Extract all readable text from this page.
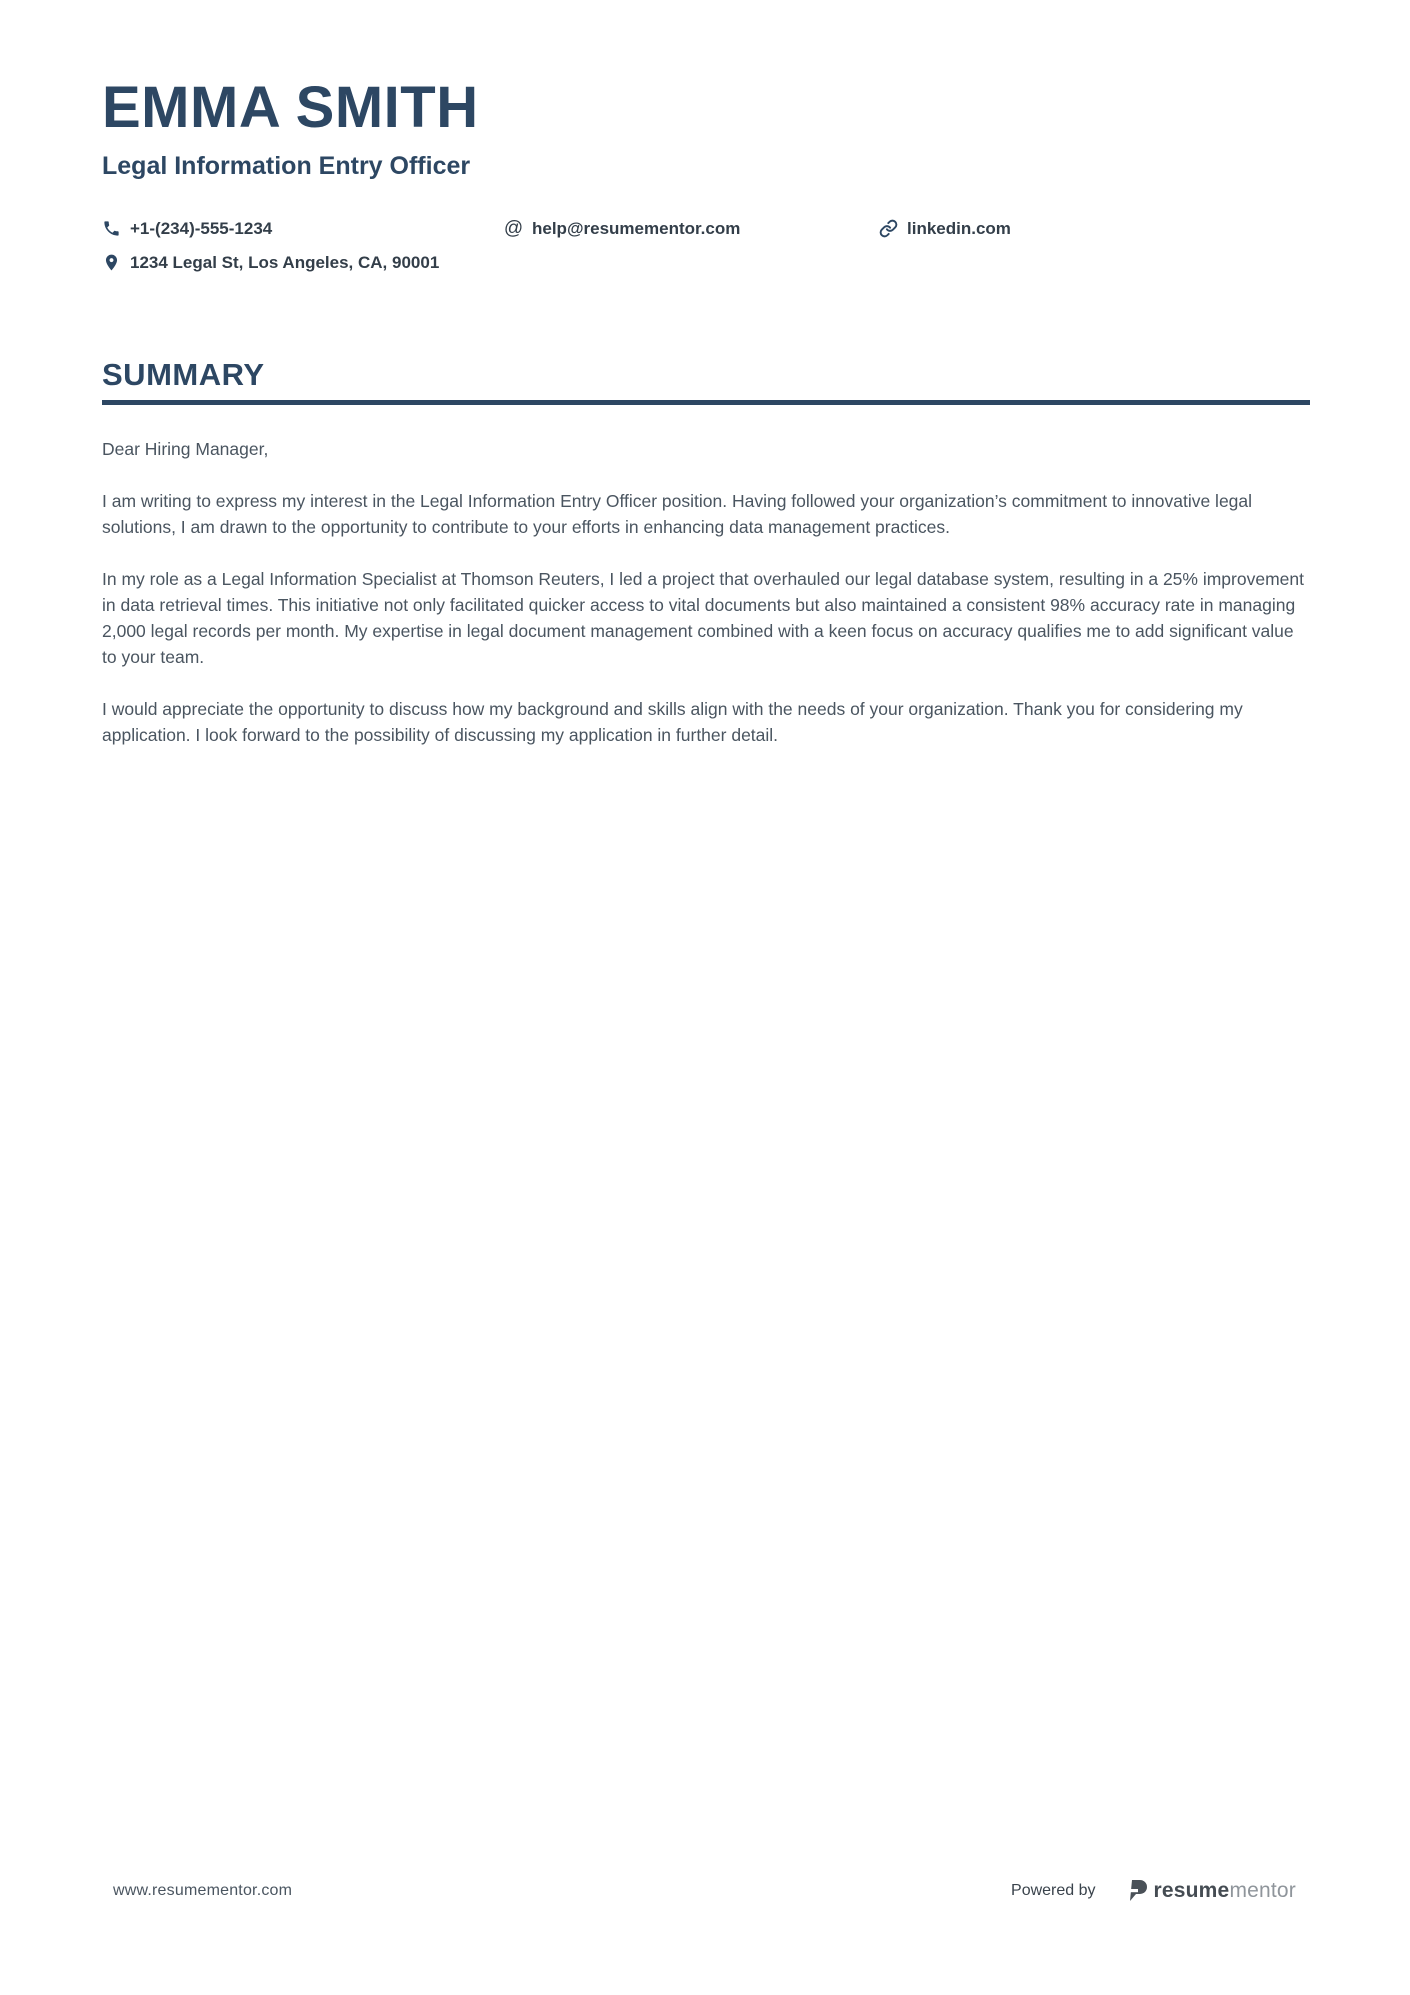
EMMA SMITH
Legal Information Entry Officer
+1-(234)-555-1234	@ help@resumementor.com	linkedin.com
1234 Legal St, Los Angeles, CA, 90001
SUMMARY

Dear Hiring Manager,

I am writing to express my interest in the Legal Information Entry Officer position. Having followed your organization’s commitment to innovative legal solutions, I am drawn to the opportunity to contribute to your efforts in enhancing data management practices.

In my role as a Legal Information Specialist at Thomson Reuters, I led a project that overhauled our legal database system, resulting in a 25% improvement in data retrieval times. This initiative not only facilitated quicker access to vital documents but also maintained a consistent 98% accuracy rate in managing 2,000 legal records per month. My expertise in legal document management combined with a keen focus on accuracy qualifies me to add significant value to your team.

I would appreciate the opportunity to discuss how my background and skills align with the needs of your organization. Thank you for considering my application. I look forward to the possibility of discussing my application in further detail.

www.resumementor.com	Powered by	resumementor
